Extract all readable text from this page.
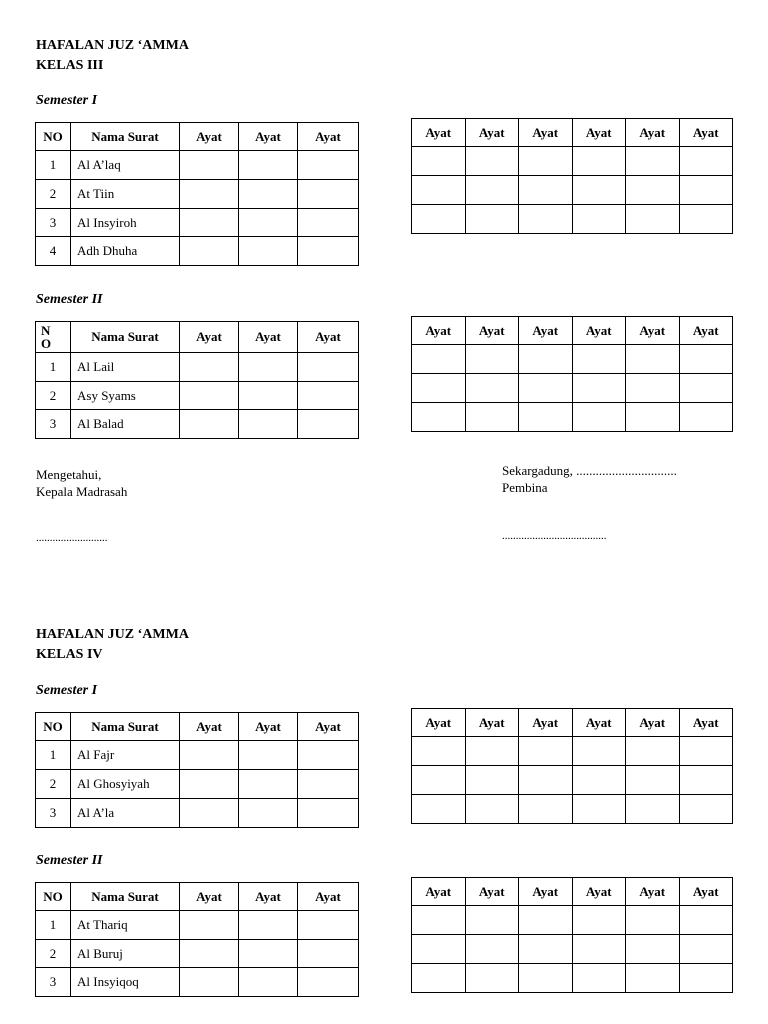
HAFALAN JUZ ‘AMMA

KELAS III

Semester I

NO	Nama Surat	Ayat	Ayat	Ayat
1	Al A’laq			
2	At Tiin			
3	Al Insyiroh			
4	Adh Dhuha			
Ayat	Ayat	Ayat	Ayat	Ayat	Ayat

Semester II

N
O	Nama Surat	Ayat	Ayat	Ayat
1	Al Lail			
2	Asy Syams			
3	Al Balad			
Ayat	Ayat	Ayat	Ayat	Ayat	Ayat

Mengetahui,
Kepala Madrasah
..........................
Sekargadung, ...............................
Pembina
......................................

HAFALAN JUZ ‘AMMA

KELAS IV

Semester I

NO	Nama Surat	Ayat	Ayat	Ayat
1	Al Fajr			
2	Al Ghosyiyah			
3	Al A’la			
Ayat	Ayat	Ayat	Ayat	Ayat	Ayat

Semester II

NO	Nama Surat	Ayat	Ayat	Ayat
1	At Thariq			
2	Al Buruj			
3	Al Insyiqoq			
Ayat	Ayat	Ayat	Ayat	Ayat	Ayat
